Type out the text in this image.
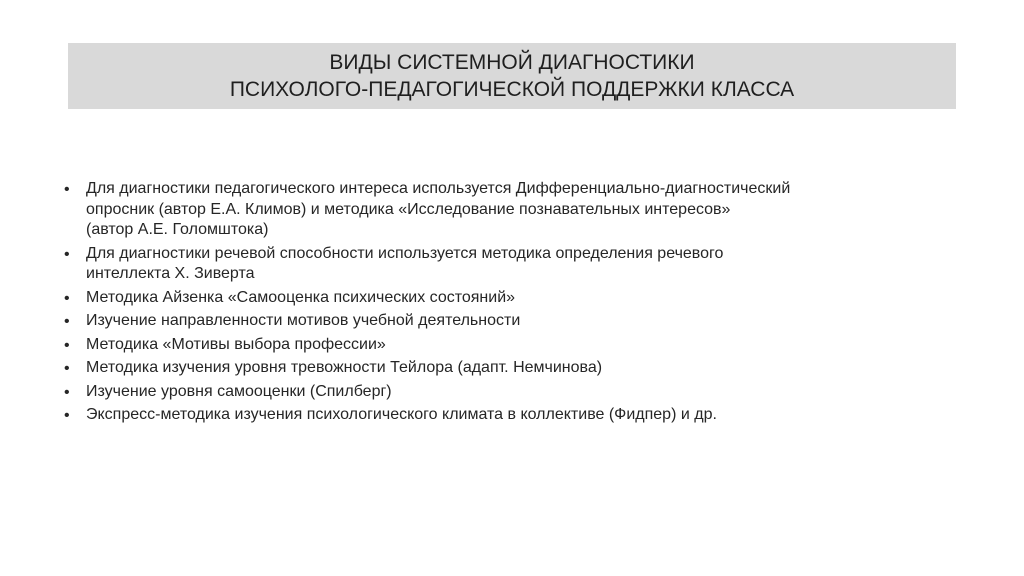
ВИДЫ СИСТЕМНОЙ ДИАГНОСТИКИ
ПСИХОЛОГО-ПЕДАГОГИЧЕСКОЙ ПОДДЕРЖКИ КЛАССА
• Для диагностики педагогического интереса используется Дифференциально-диагностический
опросник (автор Е.А. Климов) и методика «Исследование познавательных интересов»
(автор А.Е. Голомштока)
• Для диагностики речевой способности используется методика определения речевого
интеллекта Х. Зиверта
• Методика Айзенка «Самооценка психических состояний»
• Изучение направленности мотивов учебной деятельности
• Методика «Мотивы выбора профессии»
• Методика изучения уровня тревожности Тейлора (адапт. Немчинова)
• Изучение уровня самооценки (Спилберг)
• Экспресс-методика изучения психологического климата в коллективе (Фидпер) и др.
